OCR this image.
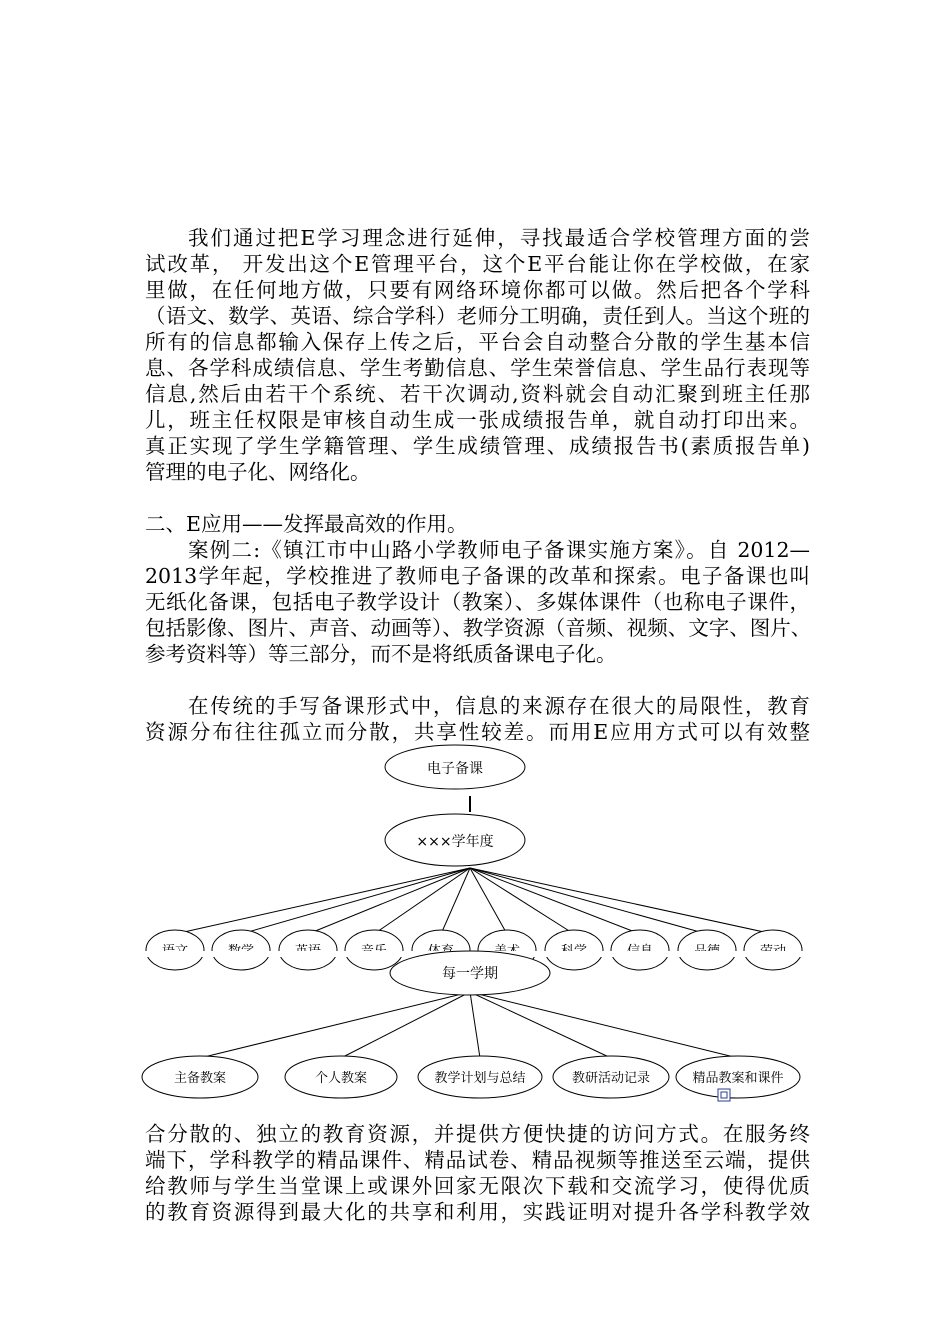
我们通过把E学习理念进行延伸，寻找最适合学校管理方面的尝
试改革， 开发出这个E管理平台，这个E平台能让你在学校做，在家
里做，在任何地方做，只要有网络环境你都可以做。然后把各个学科
（语文、数学、英语、综合学科）老师分工明确，责任到人。当这个班的
所有的信息都输入保存上传之后，平台会自动整合分散的学生基本信
息、各学科成绩信息、学生考勤信息、学生荣誉信息、学生品行表现等
信息,然后由若干个系统、若干次调动,资料就会自动汇聚到班主任那
儿，班主任权限是审核自动生成一张成绩报告单，就自动打印出来。
真正实现了学生学籍管理、学生成绩管理、成绩报告书(素质报告单)
管理的电子化、网络化。
二、E应用——发挥最高效的作用。
案例二:《镇江市中山路小学教师电子备课实施方案》。自 2012—
2013学年起，学校推进了教师电子备课的改革和探索。电子备课也叫
无纸化备课，包括电子教学设计（教案）、多媒体课件（也称电子课件，
包括影像、图片、声音、动画等）、教学资源（音频、视频、文字、图片、
参考资料等）等三部分，而不是将纸质备课电子化。
在传统的手写备课形式中，信息的来源存在很大的局限性，教育
资源分布往往孤立而分散，共享性较差。而用E应用方式可以有效整
电子备课
×××学年度
每一学期
主备教案	个人教案	教学计划与总结	教研活动记录	精品教案和课件
合分散的、独立的教育资源，并提供方便快捷的访问方式。在服务终
端下，学科教学的精品课件、精品试卷、精品视频等推送至云端，提供
给教师与学生当堂课上或课外回家无限次下载和交流学习，使得优质
的教育资源得到最大化的共享和利用，实践证明对提升各学科教学效
